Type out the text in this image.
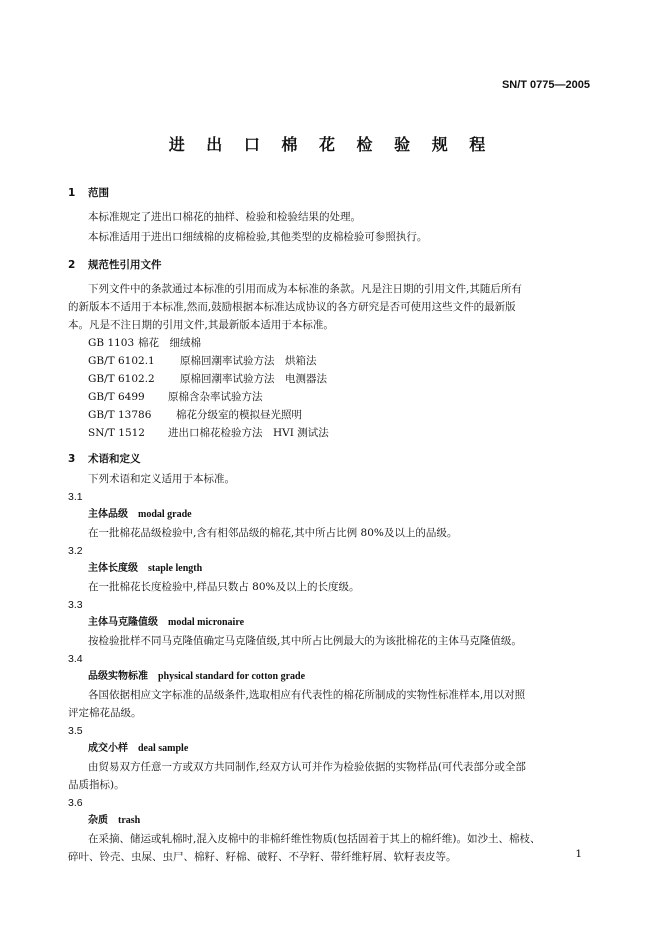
SN/T 0775—2005
进 出 口 棉 花 检 验 规 程
1 范围
本标准规定了进出口棉花的抽样、检验和检验结果的处理。
本标准适用于进出口细绒棉的皮棉检验,其他类型的皮棉检验可参照执行。
2 规范性引用文件
下列文件中的条款通过本标准的引用而成为本标准的条款。凡是注日期的引用文件,其随后所有
的新版本不适用于本标准,然而,鼓励根据本标准达成协议的各方研究是否可使用这些文件的最新版
本。凡是不注日期的引用文件,其最新版本适用于本标准。
GB 1103 棉花　细绒棉
GB/T 6102.1 原棉回潮率试验方法　烘箱法
GB/T 6102.2 原棉回潮率试验方法　电测器法
GB/T 6499 原棉含杂率试验方法
GB/T 13786 棉花分级室的模拟昼光照明
SN/T 1512 进出口棉花检验方法　HVI 测试法
3 术语和定义
下列术语和定义适用于本标准。
3.1
主体品级 modal grade
在一批棉花品级检验中,含有相邻品级的棉花,其中所占比例 80%及以上的品级。
3.2
主体长度级 staple length
在一批棉花长度检验中,样品只数占 80%及以上的长度级。
3.3
主体马克隆值级 modal micronaire
按检验批样不同马克隆值确定马克隆值级,其中所占比例最大的为该批棉花的主体马克隆值级。
3.4
品级实物标准 physical standard for cotton grade
各国依据相应文字标准的品级条件,选取相应有代表性的棉花所制成的实物性标准样本,用以对照
评定棉花品级。
3.5
成交小样 deal sample
由贸易双方任意一方或双方共同制作,经双方认可并作为检验依据的实物样品(可代表部分或全部
品质指标)。
3.6
杂质 trash
在采摘、储运或轧棉时,混入皮棉中的非棉纤维性物质(包括固着于其上的棉纤维)。如沙土、棉枝、
碎叶、铃壳、虫屎、虫尸、棉籽、籽棉、破籽、不孕籽、带纤维籽屑、软籽表皮等。	1
